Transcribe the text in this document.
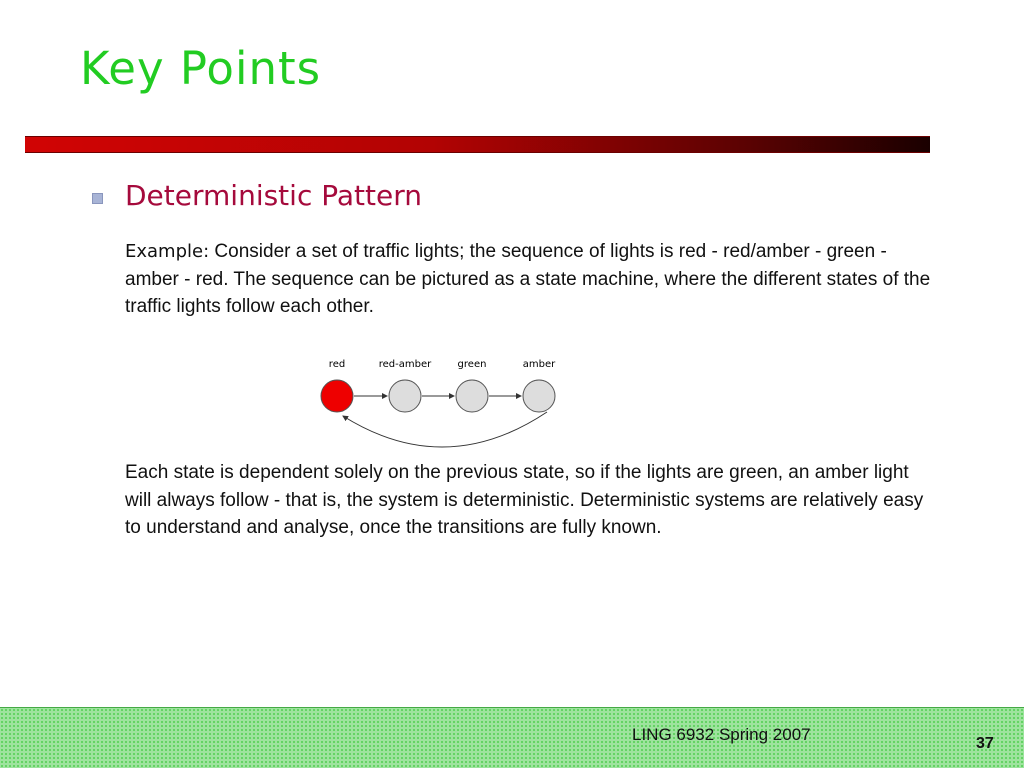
Key Points
Deterministic Pattern
Example: Consider a set of traffic lights; the sequence of lights is red - red/amber - green - amber - red. The sequence can be pictured as a state machine, where the different states of the traffic lights follow each other.
red	red-amber	green	amber
Each state is dependent solely on the previous state, so if the lights are green, an amber light will always follow - that is, the system is deterministic. Deterministic systems are relatively easy to understand and analyse, once the transitions are fully known.
LING 6932 Spring 2007	37
